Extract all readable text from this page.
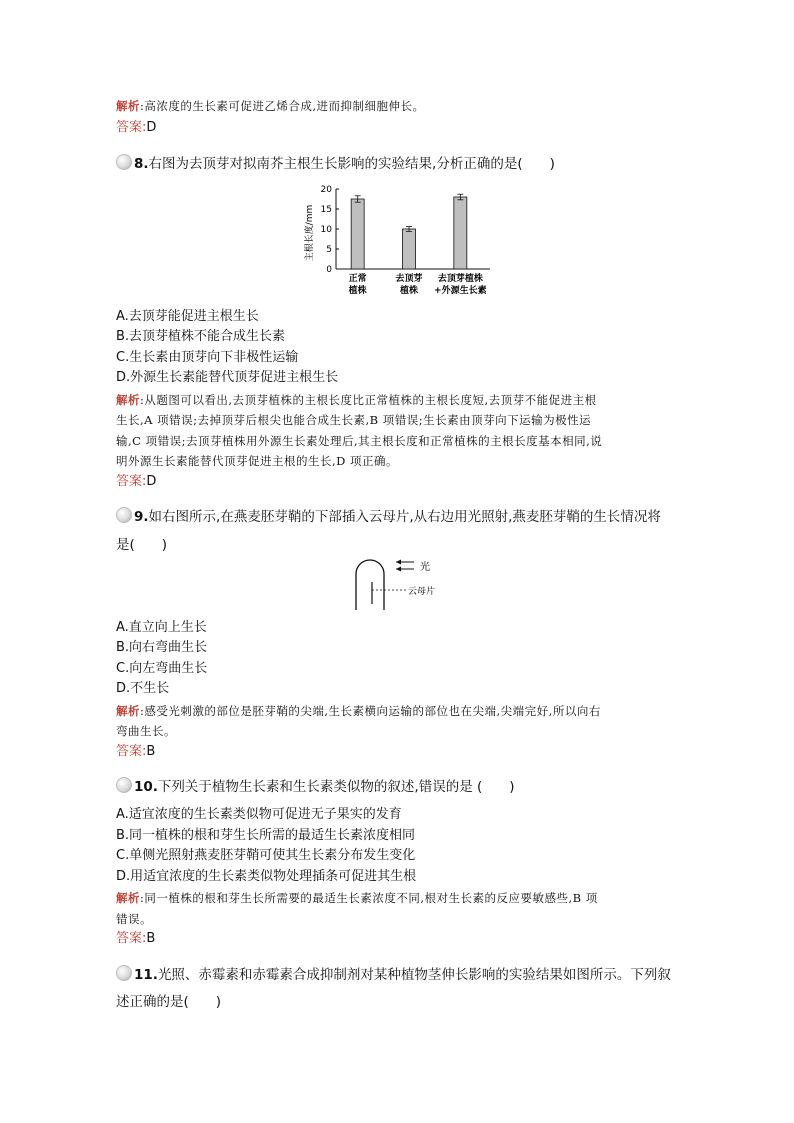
解析:高浓度的生长素可促进乙烯合成,进而抑制细胞伸长。
答案:D
8.右图为去顶芽对拟南芥主根生长影响的实验结果,分析正确的是(　　)
主根长度/mm
0
5
10
15
20
正常
植株
去顶芽
植株
去顶芽植株
+外源生长素
A.去顶芽能促进主根生长
B.去顶芽植株不能合成生长素
C.生长素由顶芽向下非极性运输
D.外源生长素能替代顶芽促进主根生长
解析:从题图可以看出,去顶芽植株的主根长度比正常植株的主根长度短,去顶芽不能促进主根
生长,A 项错误;去掉顶芽后根尖也能合成生长素,B 项错误;生长素由顶芽向下运输为极性运
输,C 项错误;去顶芽植株用外源生长素处理后,其主根长度和正常植株的主根长度基本相同,说
明外源生长素能替代顶芽促进主根的生长,D 项正确。
答案:D
9.如右图所示,在燕麦胚芽鞘的下部插入云母片,从右边用光照射,燕麦胚芽鞘的生长情况将
是(　　)
云母片
光
A.直立向上生长
B.向右弯曲生长
C.向左弯曲生长
D.不生长
解析:感受光刺激的部位是胚芽鞘的尖端,生长素横向运输的部位也在尖端,尖端完好,所以向右
弯曲生长。
答案:B
10.下列关于植物生长素和生长素类似物的叙述,错误的是 (　　)
A.适宜浓度的生长素类似物可促进无子果实的发育
B.同一植株的根和芽生长所需的最适生长素浓度相同
C.单侧光照射燕麦胚芽鞘可使其生长素分布发生变化
D.用适宜浓度的生长素类似物处理插条可促进其生根
解析:同一植株的根和芽生长所需要的最适生长素浓度不同,根对生长素的反应要敏感些,B 项
错误。
答案:B
11.光照、赤霉素和赤霉素合成抑制剂对某种植物茎伸长影响的实验结果如图所示。下列叙
述正确的是(　　)
